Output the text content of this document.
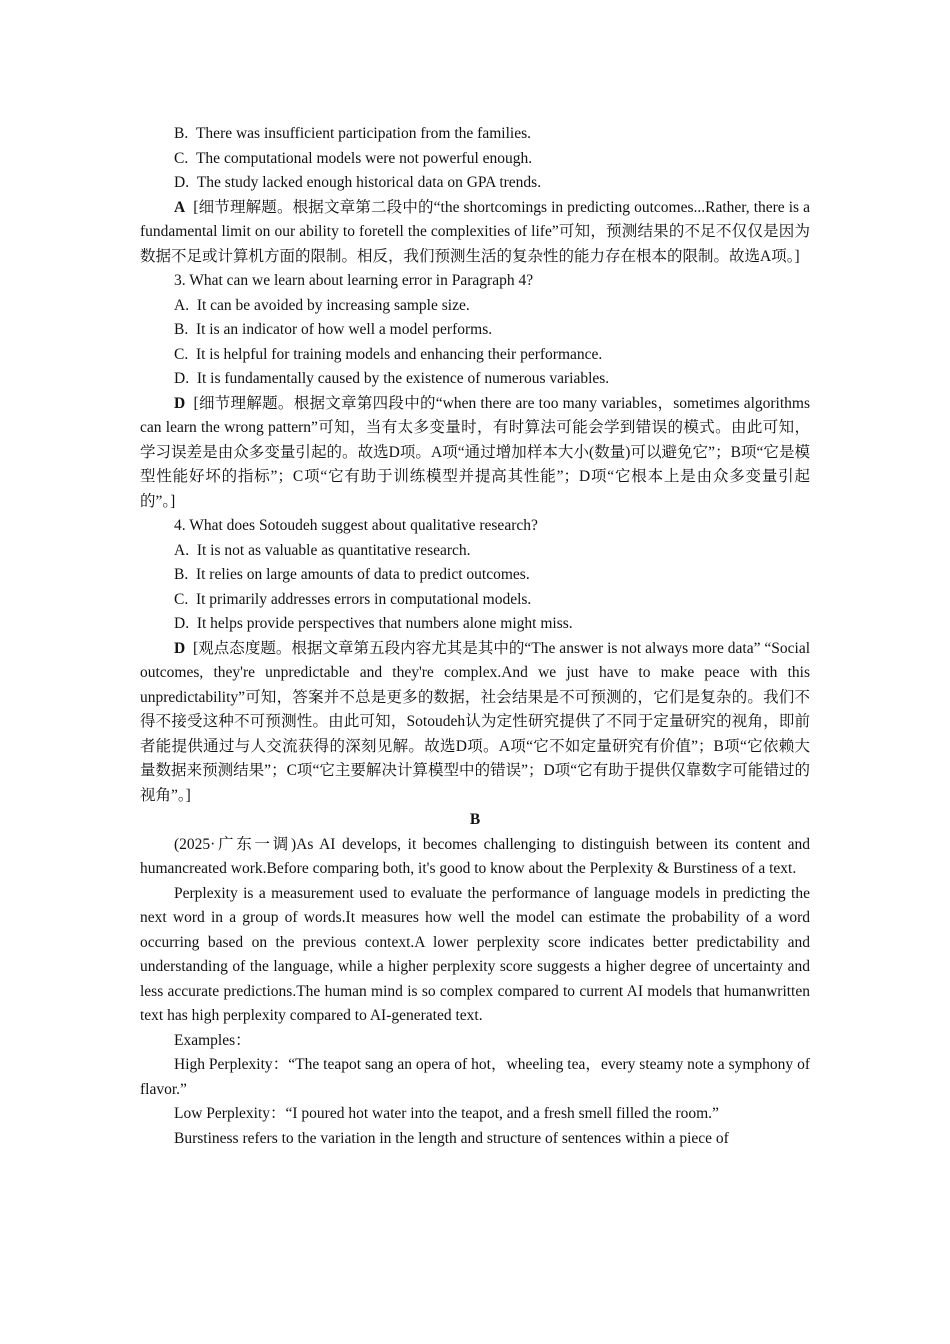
B. There was insufficient participation from the families.

C. The computational models were not powerful enough.

D. The study lacked enough historical data on GPA trends.

A [细节理解题。根据文章第二段中的“the shortcomings in predicting outcomes...Rather, there is a fundamental limit on our ability to foretell the complexities of life”可知，预测结果的不足不仅仅是因为数据不足或计算机方面的限制。相反，我们预测生活的复杂性的能力存在根本的限制。故选A项。]

3. What can we learn about learning error in Paragraph 4?

A. It can be avoided by increasing sample size.

B. It is an indicator of how well a model performs.

C. It is helpful for training models and enhancing their performance.

D. It is fundamentally caused by the existence of numerous variables.

D [细节理解题。根据文章第四段中的“when there are too many variables，sometimes algorithms can learn the wrong pattern”可知，当有太多变量时，有时算法可能会学到错误的模式。由此可知，学习误差是由众多变量引起的。故选D项。A项“通过增加样本大小(数量)可以避免它”；B项“它是模型性能好坏的指标”；C项“它有助于训练模型并提高其性能”；D项“它根本上是由众多变量引起的”。]

4. What does Sotoudeh suggest about qualitative research?

A. It is not as valuable as quantitative research.

B. It relies on large amounts of data to predict outcomes.

C. It primarily addresses errors in computational models.

D. It helps provide perspectives that numbers alone might miss.

D [观点态度题。根据文章第五段内容尤其是其中的“The answer is not always more data” “Social outcomes, they're unpredictable and they're complex.And we just have to make peace with this unpredictability”可知，答案并不总是更多的数据，社会结果是不可预测的，它们是复杂的。我们不得不接受这种不可预测性。由此可知，Sotoudeh认为定性研究提供了不同于定量研究的视角，即前者能提供通过与人交流获得的深刻见解。故选D项。A项“它不如定量研究有价值”；B项“它依赖大量数据来预测结果”；C项“它主要解决计算模型中的错误”；D项“它有助于提供仅靠数字可能错过的视角”。]

B

(2025·广东一调)As AI develops, it becomes challenging to distinguish between its content and humancreated work.Before comparing both, it's good to know about the Perplexity & Burstiness of a text.

Perplexity is a measurement used to evaluate the performance of language models in predicting the next word in a group of words.It measures how well the model can estimate the probability of a word occurring based on the previous context.A lower perplexity score indicates better predictability and understanding of the language, while a higher perplexity score suggests a higher degree of uncertainty and less accurate predictions.The human mind is so complex compared to current AI models that humanwritten text has high perplexity compared to AI-generated text.

Examples：

High Perplexity：“The teapot sang an opera of hot，wheeling tea，every steamy note a symphony of flavor.”

Low Perplexity：“I poured hot water into the teapot, and a fresh smell filled the room.”

Burstiness refers to the variation in the length and structure of sentences within a piece of
